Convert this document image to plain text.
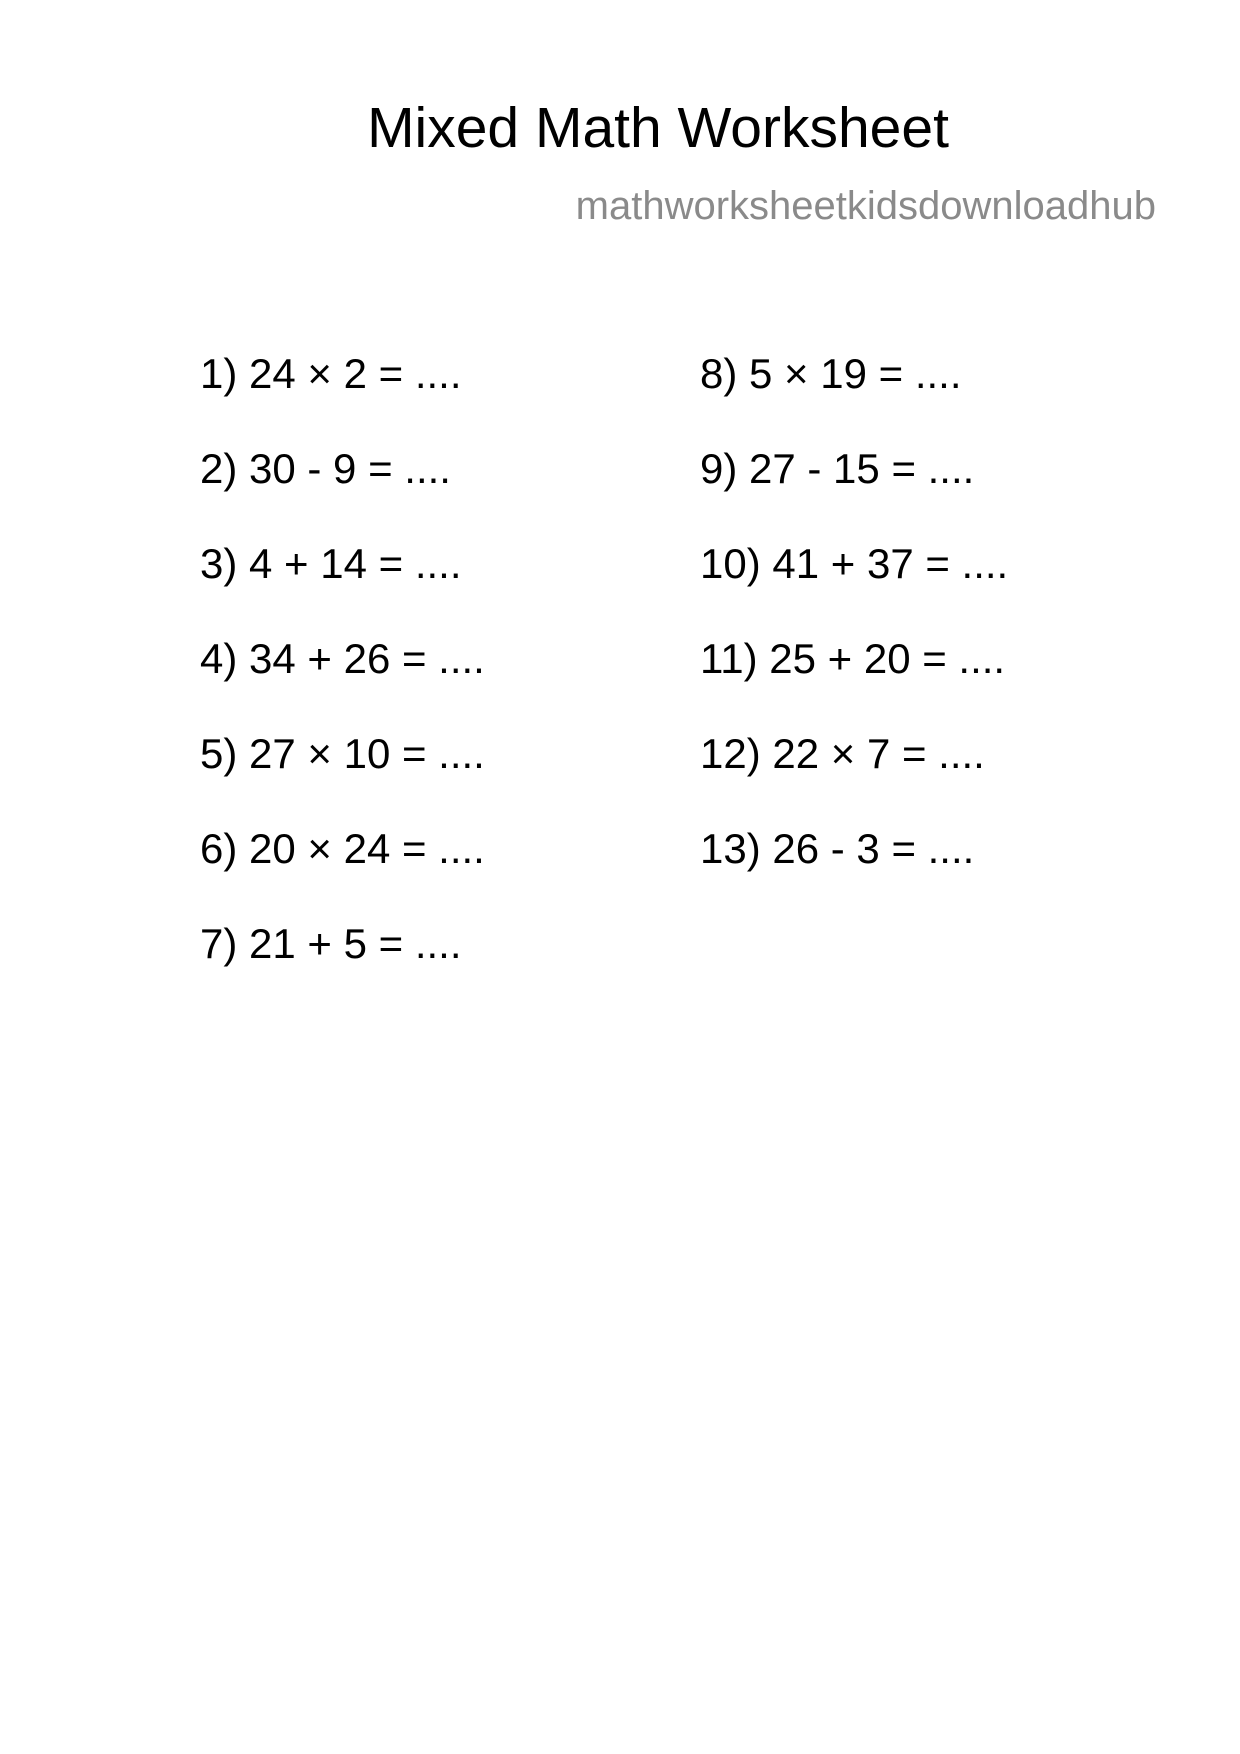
Mixed Math Worksheet
mathworksheetkidsdownloadhub
1) 24 × 2 = ....
2) 30 - 9 = ....
3) 4 + 14 = ....
4) 34 + 26 = ....
5) 27 × 10 = ....
6) 20 × 24 = ....
7) 21 + 5 = ....
8) 5 × 19 = ....
9) 27 - 15 = ....
10) 41 + 37 = ....
11) 25 + 20 = ....
12) 22 × 7 = ....
13) 26 - 3 = ....
